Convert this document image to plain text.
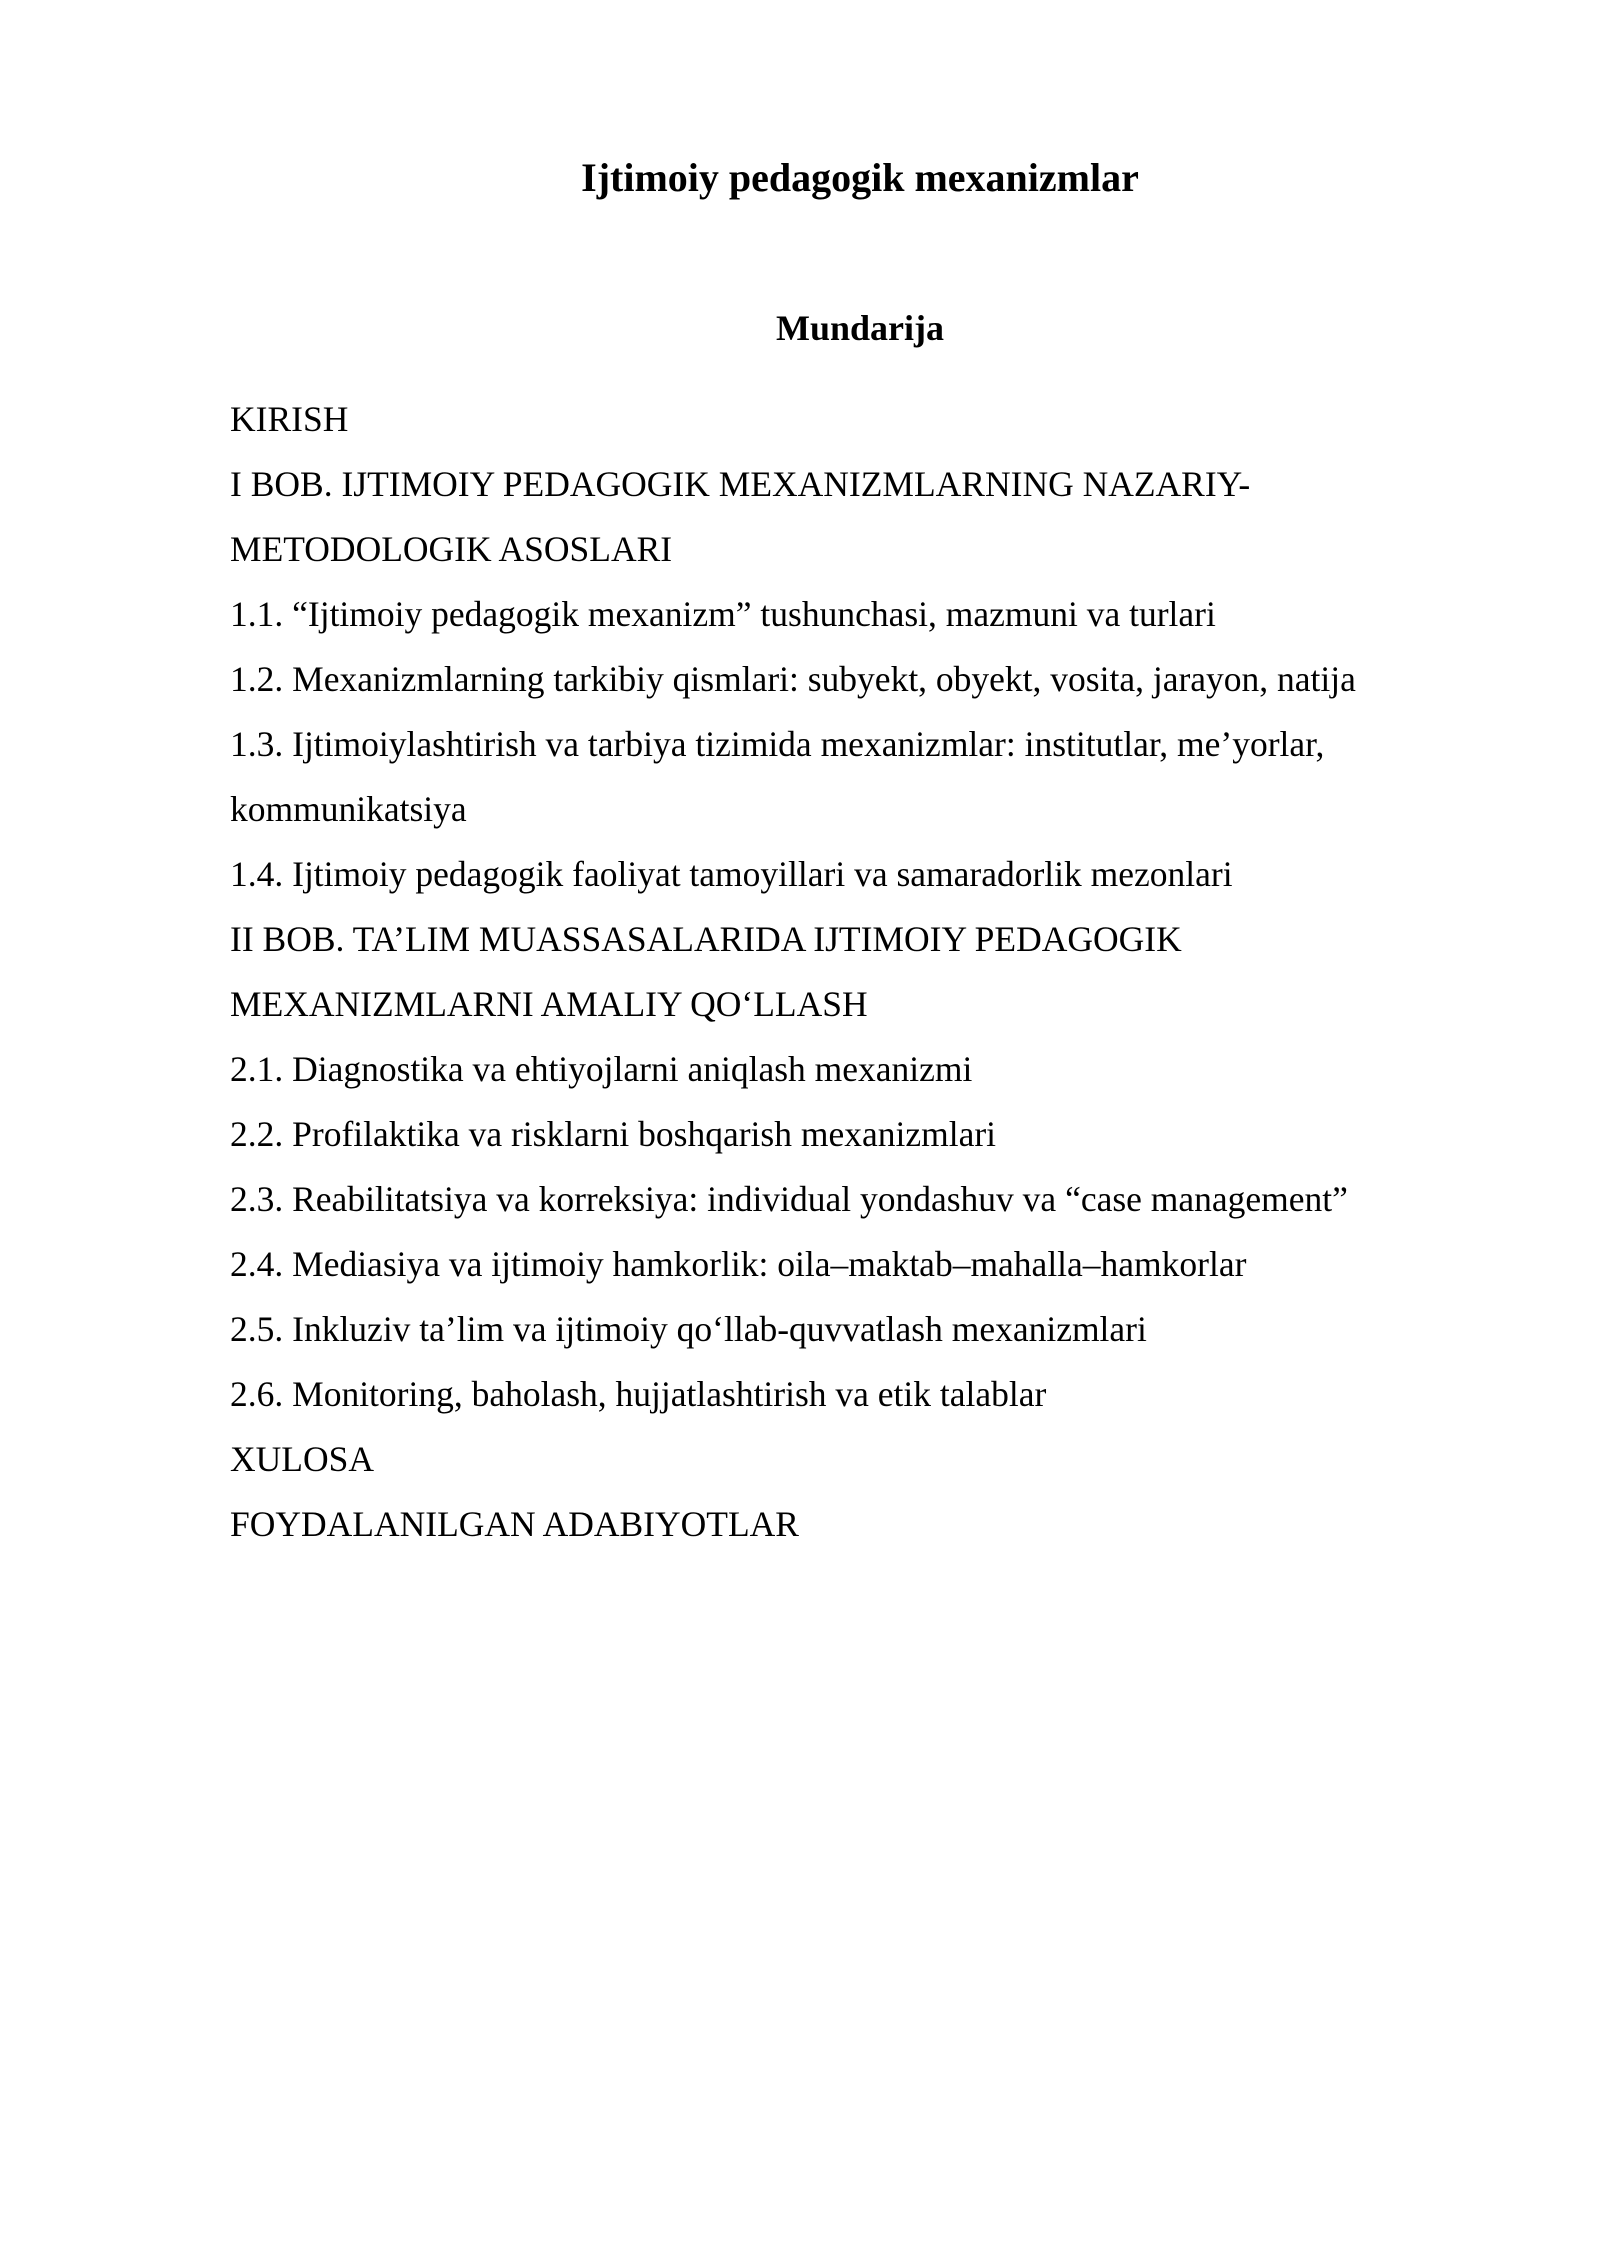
Ijtimoiy pedagogik mexanizmlar
Mundarija
KIRISH
I BOB. IJTIMOIY PEDAGOGIK MEXANIZMLARNING NAZARIY-
METODOLOGIK ASOSLARI
1.1. “Ijtimoiy pedagogik mexanizm” tushunchasi, mazmuni va turlari
1.2. Mexanizmlarning tarkibiy qismlari: subyekt, obyekt, vosita, jarayon, natija
1.3. Ijtimoiylashtirish va tarbiya tizimida mexanizmlar: institutlar, me’yorlar,
kommunikatsiya
1.4. Ijtimoiy pedagogik faoliyat tamoyillari va samaradorlik mezonlari
II BOB. TA’LIM MUASSASALARIDA IJTIMOIY PEDAGOGIK
MEXANIZMLARNI AMALIY QO‘LLASH
2.1. Diagnostika va ehtiyojlarni aniqlash mexanizmi
2.2. Profilaktika va risklarni boshqarish mexanizmlari
2.3. Reabilitatsiya va korreksiya: individual yondashuv va “case management”
2.4. Mediasiya va ijtimoiy hamkorlik: oila–maktab–mahalla–hamkorlar
2.5. Inkluziv ta’lim va ijtimoiy qo‘llab-quvvatlash mexanizmlari
2.6. Monitoring, baholash, hujjatlashtirish va etik talablar
XULOSA
FOYDALANILGAN ADABIYOTLAR
